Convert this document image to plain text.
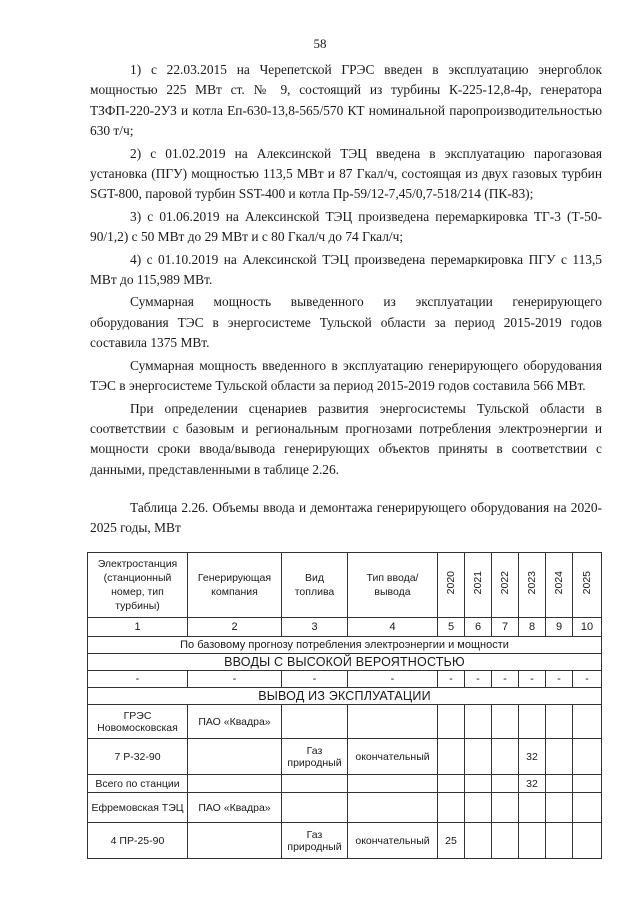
58

1) с 22.03.2015 на Черепетской ГРЭС введен в эксплуатацию энергоблок мощностью 225 МВт ст. № 9, состоящий из турбины К-225-12,8-4р, генератора ТЗФП-220-2УЗ и котла Еп-630-13,8-565/570 КТ номинальной паропроизводительностью 630 т/ч;

2) с 01.02.2019 на Алексинской ТЭЦ введена в эксплуатацию парогазовая установка (ПГУ) мощностью 113,5 МВт и 87 Гкал/ч, состоящая из двух газовых турбин SGT-800, паровой турбин SST-400 и котла Пр-59/12-7,45/0,7-518/214 (ПК-83);

3) с 01.06.2019 на Алексинской ТЭЦ произведена перемаркировка ТГ-3 (Т-50-90/1,2) с 50 МВт до 29 МВт и с 80 Гкал/ч до 74 Гкал/ч;

4) с 01.10.2019 на Алексинской ТЭЦ произведена перемаркировка ПГУ с 113,5 МВт до 115,989 МВт.

Суммарная мощность выведенного из эксплуатации генерирующего оборудования ТЭС в энергосистеме Тульской области за период 2015-2019 годов составила 1375 МВт.

Суммарная мощность введенного в эксплуатацию генерирующего оборудования ТЭС в энергосистеме Тульской области за период 2015-2019 годов составила 566 МВт.

При определении сценариев развития энергосистемы Тульской области в соответствии с базовым и региональным прогнозами потребления электроэнергии и мощности сроки ввода/вывода генерирующих объектов приняты в соответствии с данными, представленными в таблице 2.26.

Таблица 2.26. Объемы ввода и демонтажа генерирующего оборудования на 2020-2025 годы, МВт

Электростанция (станционный номер, тип турбины)	Генерирующая компания	Вид топлива	Тип ввода/вывода	2020	2021	2022	2023	2024	2025
1	2	3	4	5	6	7	8	9	10
По базовому прогнозу потребления электроэнергии и мощности									
ВВОДЫ С ВЫСОКОЙ ВЕРОЯТНОСТЬЮ									
-	-	-	-	-	-	-	-	-	-
ВЫВОД ИЗ ЭКСПЛУАТАЦИИ									
ГРЭС Новомосковская	ПАО «Квадра»								
7 Р-32-90		Газ природный	окончательный				32		
Всего по станции							32		
Ефремовская ТЭЦ	ПАО «Квадра»								
4 ПР-25-90		Газ природный	окончательный	25					
